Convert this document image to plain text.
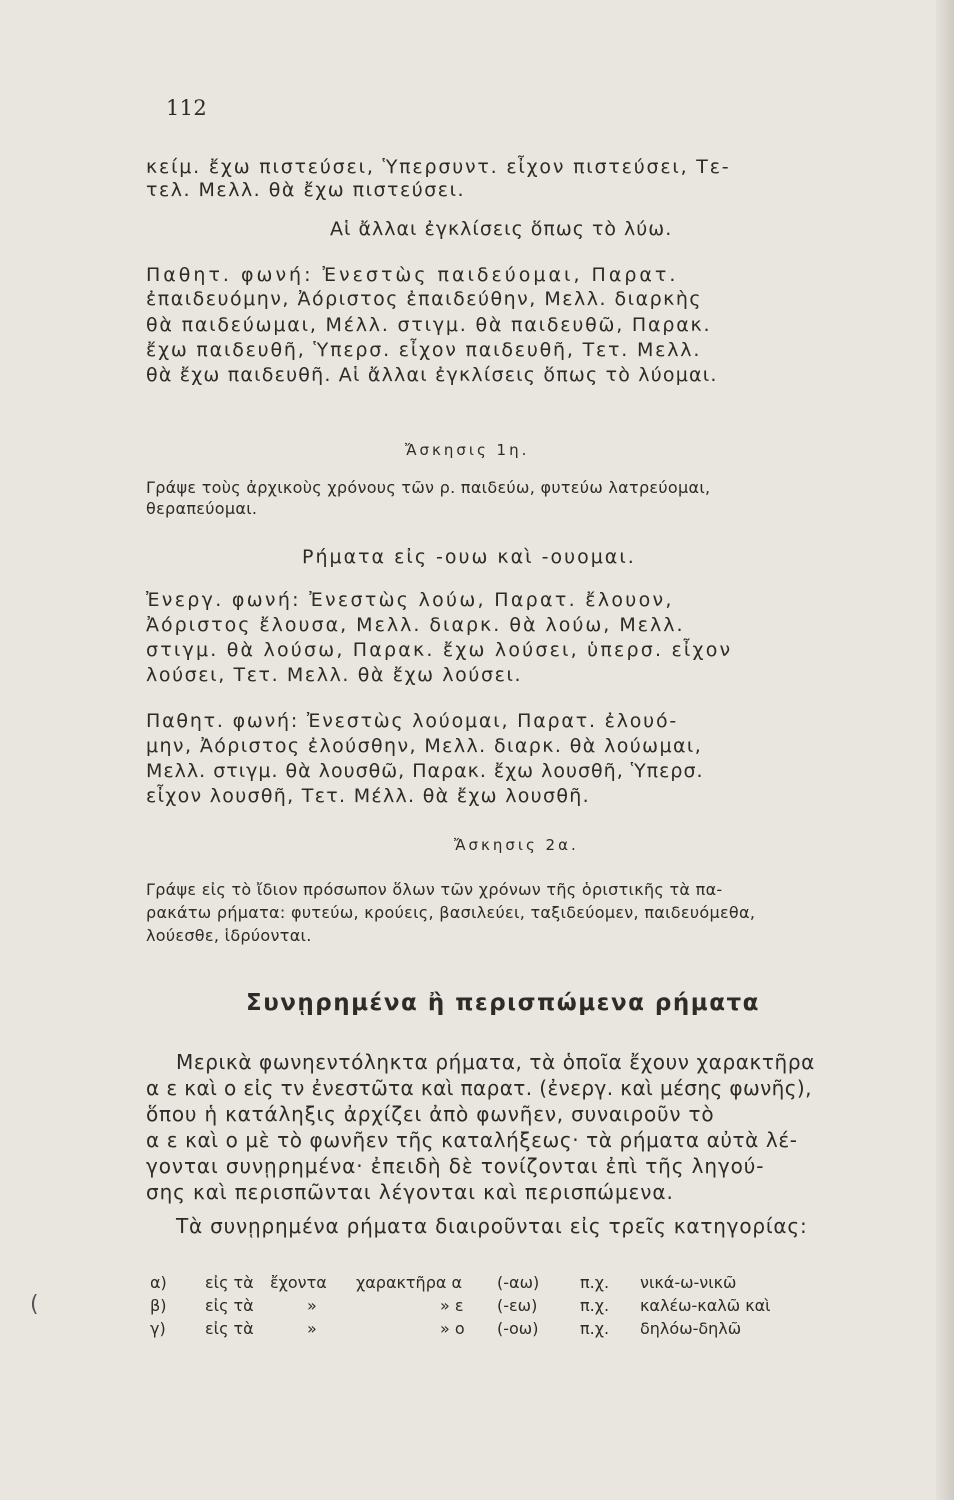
112
κείμ. ἔχω πιστεύσει, Ὑπερσυντ. εἶχον πιστεύσει, Τε-
τελ. Μελλ. θὰ ἔχω πιστεύσει.
Αἱ ἄλλαι ἐγκλίσεις ὅπως τὸ λύω.
Παθητ. φωνή: Ἐνεστὼς παιδεύομαι, Παρατ.
ἐπαιδευόμην, Ἀόριστος ἐπαιδεύθην, Μελλ. διαρκὴς
θὰ παιδεύωμαι, Μέλλ. στιγμ. θὰ παιδευθῶ, Παρακ.
ἔχω παιδευθῆ, Ὑπερσ. εἶχον παιδευθῆ, Τετ. Μελλ.
θὰ ἔχω παιδευθῆ. Αἱ ἄλλαι ἐγκλίσεις ὅπως τὸ λύομαι.
Ἄσκησις 1η.
Γράψε τοὺς ἀρχικοὺς χρόνους τῶν ρ. παιδεύω, φυτεύω λατρεύομαι,
θεραπεύομαι.
Ρήματα εἰς -ουω καὶ -ουομαι.
Ἐνεργ. φωνή: Ἐνεστὼς λούω, Παρατ. ἔλουον,
Ἀόριστος ἔλουσα, Μελλ. διαρκ. θὰ λούω, Μελλ.
στιγμ. θὰ λούσω, Παρακ. ἔχω λούσει, ὑπερσ. εἶχον
λούσει, Τετ. Μελλ. θὰ ἔχω λούσει.
Παθητ. φωνή: Ἐνεστὼς λούομαι, Παρατ. ἐλουό-
μην, Ἀόριστος ἐλούσθην, Μελλ. διαρκ. θὰ λούωμαι,
Μελλ. στιγμ. θὰ λουσθῶ, Παρακ. ἔχω λουσθῆ, Ὑπερσ.
εἶχον λουσθῆ, Τετ. Μέλλ. θὰ ἔχω λουσθῆ.
Ἄσκησις 2α.
Γράψε εἰς τὸ ἴδιον πρόσωπον ὅλων τῶν χρόνων τῆς ὁριστικῆς τὰ πα-
ρακάτω ρήματα: φυτεύω, κρούεις, βασιλεύει, ταξιδεύομεν, παιδευόμεθα,
λούεσθε, ἱδρύονται.
Συνῃρημένα ἢ περισπώμενα ρήματα
Μερικὰ φωνηεντόληκτα ρήματα, τὰ ὁποῖα ἔχουν χαρακτῆρα
α ε καὶ ο εἰς τν ἐνεστῶτα καὶ παρατ. (ἐνεργ. καὶ μέσης φωνῆς),
ὅπου ἡ κατάληξις ἀρχίζει ἀπὸ φωνῆεν, συναιροῦν τὸ
α ε καὶ ο μὲ τὸ φωνῆεν τῆς καταλήξεως· τὰ ρήματα αὐτὰ λέ-
γονται συνῃρημένα· ἐπειδὴ δὲ τονίζονται ἐπὶ τῆς ληγού-
σης καὶ περισπῶνται λέγονται καὶ περισπώμενα.
Τὰ συνῃρημένα ρήματα διαιροῦνται εἰς τρεῖς κατηγορίας:
α) εἰς τὰ ἔχοντα χαρακτῆρα α (-αω)	π.χ. νικά-ω-νικῶ
β) εἰς τὰ	»	» ε (-εω)	π.χ. καλέω-καλῶ καὶ
γ) εἰς τὰ	»	» ο (-οω)	π.χ. δηλόω-δηλῶ
(
